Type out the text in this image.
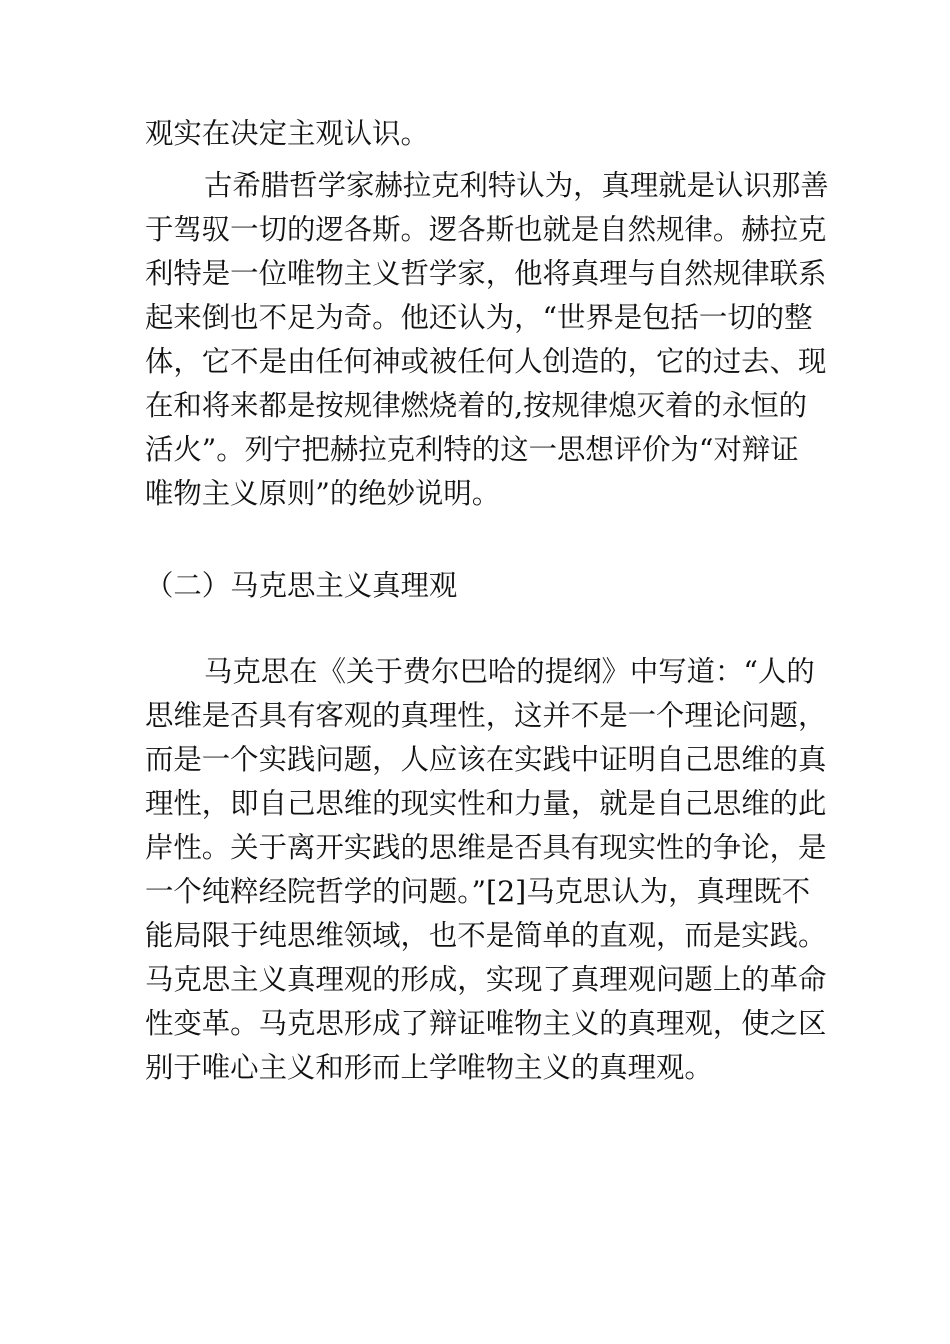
观实在决定主观认识。
古希腊哲学家赫拉克利特认为，真理就是认识那善
于驾驭一切的逻各斯。逻各斯也就是自然规律。赫拉克
利特是一位唯物主义哲学家，他将真理与自然规律联系
起来倒也不足为奇。他还认为，“世界是包括一切的整
体，它不是由任何神或被任何人创造的，它的过去、现
在和将来都是按规律燃烧着的,按规律熄灭着的永恒的
活火”。列宁把赫拉克利特的这一思想评价为“对辩证
唯物主义原则”的绝妙说明。
（二）马克思主义真理观
马克思在《关于费尔巴哈的提纲》中写道：“人的
思维是否具有客观的真理性，这并不是一个理论问题，
而是一个实践问题，人应该在实践中证明自己思维的真
理性，即自己思维的现实性和力量，就是自己思维的此
岸性。关于离开实践的思维是否具有现实性的争论，是
一个纯粹经院哲学的问题。”[2]马克思认为，真理既不
能局限于纯思维领域，也不是简单的直观，而是实践。
马克思主义真理观的形成，实现了真理观问题上的革命
性变革。马克思形成了辩证唯物主义的真理观，使之区
别于唯心主义和形而上学唯物主义的真理观。
